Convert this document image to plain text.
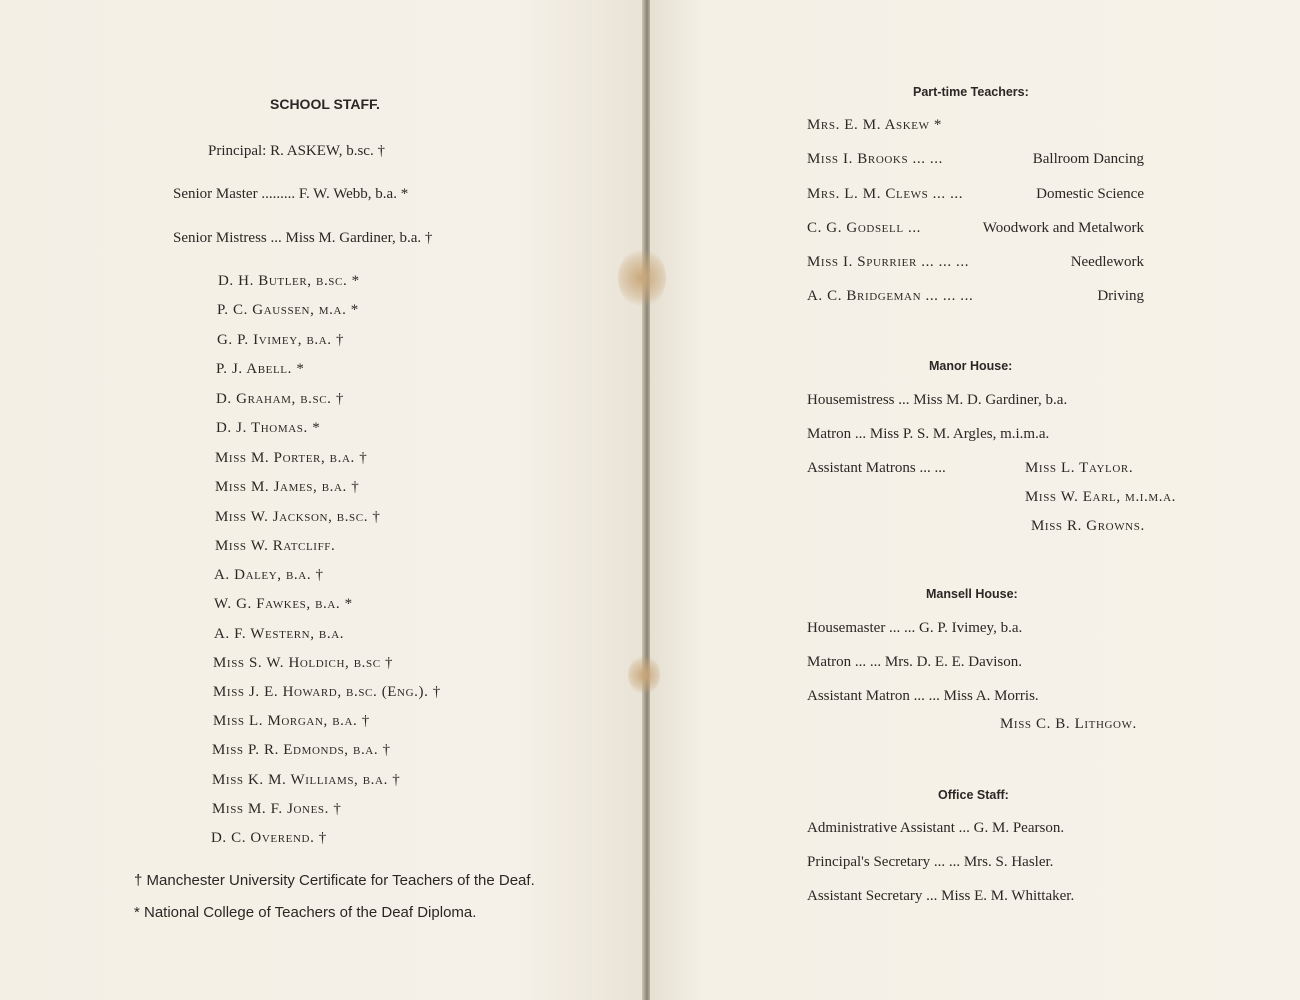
SCHOOL STAFF.
Principal: R. ASKEW, b.sc. †
Senior Master ......... F. W. Webb, b.a. *
Senior Mistress ... Miss M. Gardiner, b.a. †
D. H. Butler, b.sc. *
P. C. Gaussen, m.a. *
G. P. Ivimey, b.a. †
P. J. Abell. *
D. Graham, b.sc. †
D. J. Thomas. *
Miss M. Porter, b.a. †
Miss M. James, b.a. †
Miss W. Jackson, b.sc. †
Miss W. Ratcliff.
A. Daley, b.a. †
W. G. Fawkes, b.a. *
A. F. Western, b.a.
Miss S. W. Holdich, b.sc †
Miss J. E. Howard, b.sc. (Eng.). †
Miss L. Morgan, b.a. †
Miss P. R. Edmonds, b.a. †
Miss K. M. Williams, b.a. †
Miss M. F. Jones. †
D. C. Overend. †
† Manchester University Certificate for Teachers of the Deaf.
* National College of Teachers of the Deaf Diploma.
Part-time Teachers:
Mrs. E. M. Askew *
Miss I. Brooks ... ...	Ballroom Dancing
Mrs. L. M. Clews ... ...	Domestic Science
C. G. Godsell ...	Woodwork and Metalwork
Miss I. Spurrier ... ... ...	Needlework
A. C. Bridgeman ... ... ...	Driving
Manor House:
Housemistress ... Miss M. D. Gardiner, b.a.
Matron ... Miss P. S. M. Argles, m.i.m.a.
Assistant Matrons ... ...	Miss L. Taylor.
Miss W. Earl, m.i.m.a.
Miss R. Growns.
Mansell House:
Housemaster ... ... G. P. Ivimey, b.a.
Matron ... ... Mrs. D. E. E. Davison.
Assistant Matron ... ... Miss A. Morris.
Miss C. B. Lithgow.
Office Staff:
Administrative Assistant ... G. M. Pearson.
Principal's Secretary ... ... Mrs. S. Hasler.
Assistant Secretary ... Miss E. M. Whittaker.
